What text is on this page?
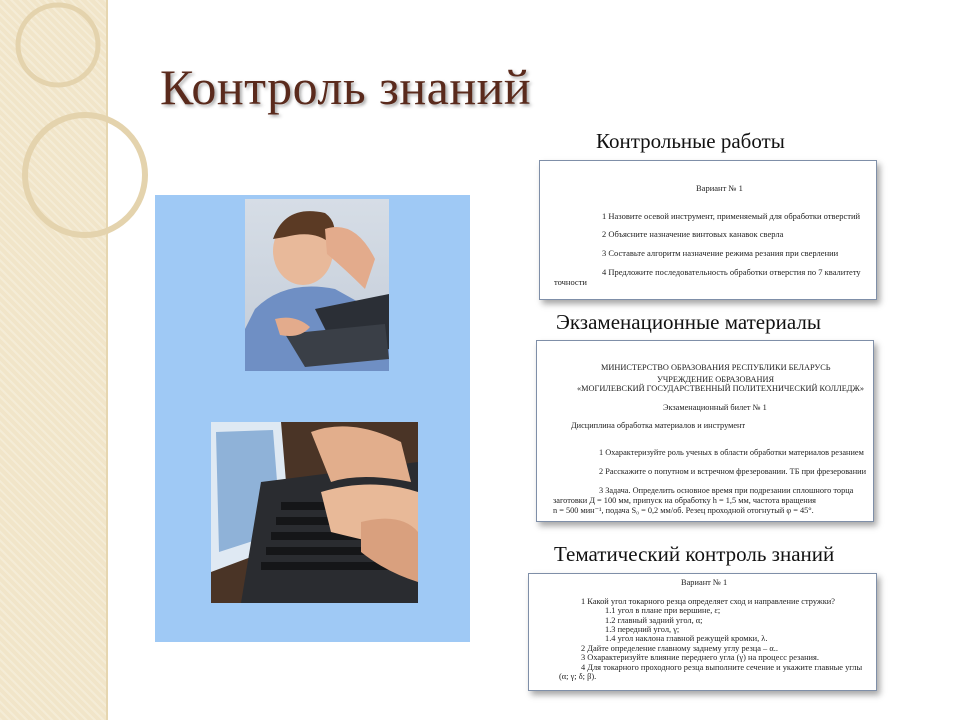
Контроль знаний
Контрольные работы

Вариант № 1

1 Назовите осевой инструмент, применяемый для обработки отверстий

2 Объясните назначение винтовых канавок сверла

3 Составьте алгоритм назначение режима резания при сверлении

4 Предложите последовательность обработки отверстия по 7 квалитету

точности

Экзаменационные материалы

МИНИСТЕРСТВО ОБРАЗОВАНИЯ РЕСПУБЛИКИ БЕЛАРУСЬ

УЧРЕЖДЕНИЕ ОБРАЗОВАНИЯ

«МОГИЛЕВСКИЙ ГОСУДАРСТВЕННЫЙ ПОЛИТЕХНИЧЕСКИЙ КОЛЛЕДЖ»

Экзаменационный билет № 1

Дисциплина обработка материалов и инструмент

1 Охарактеризуйте роль ученых в области обработки материалов резанием

2 Расскажите о попутном и встречном фрезеровании. ТБ при фрезеровании

3 Задача. Определить основное время при подрезании сплошного торца

заготовки Д = 100 мм, припуск на обработку h = 1,5 мм, частота вращения

n = 500 мин⁻¹, подача S₀ = 0,2 мм/об. Резец проходной отогнутый φ = 45°.

Тематический контроль знаний

Вариант № 1

1 Какой угол токарного резца определяет сход и направление стружки?

1.1 угол в плане при вершине, ε;

1.2 главный задний угол, α;

1.3 передний угол, γ;

1.4 угол наклона главной режущей кромки, λ.

2 Дайте определение главному заднему углу резца – α..

3 Охарактеризуйте влияние переднего угла (γ) на процесс резания.

4 Для токарного проходного резца выполните сечение и укажите главные углы

(α; γ; δ; β).
